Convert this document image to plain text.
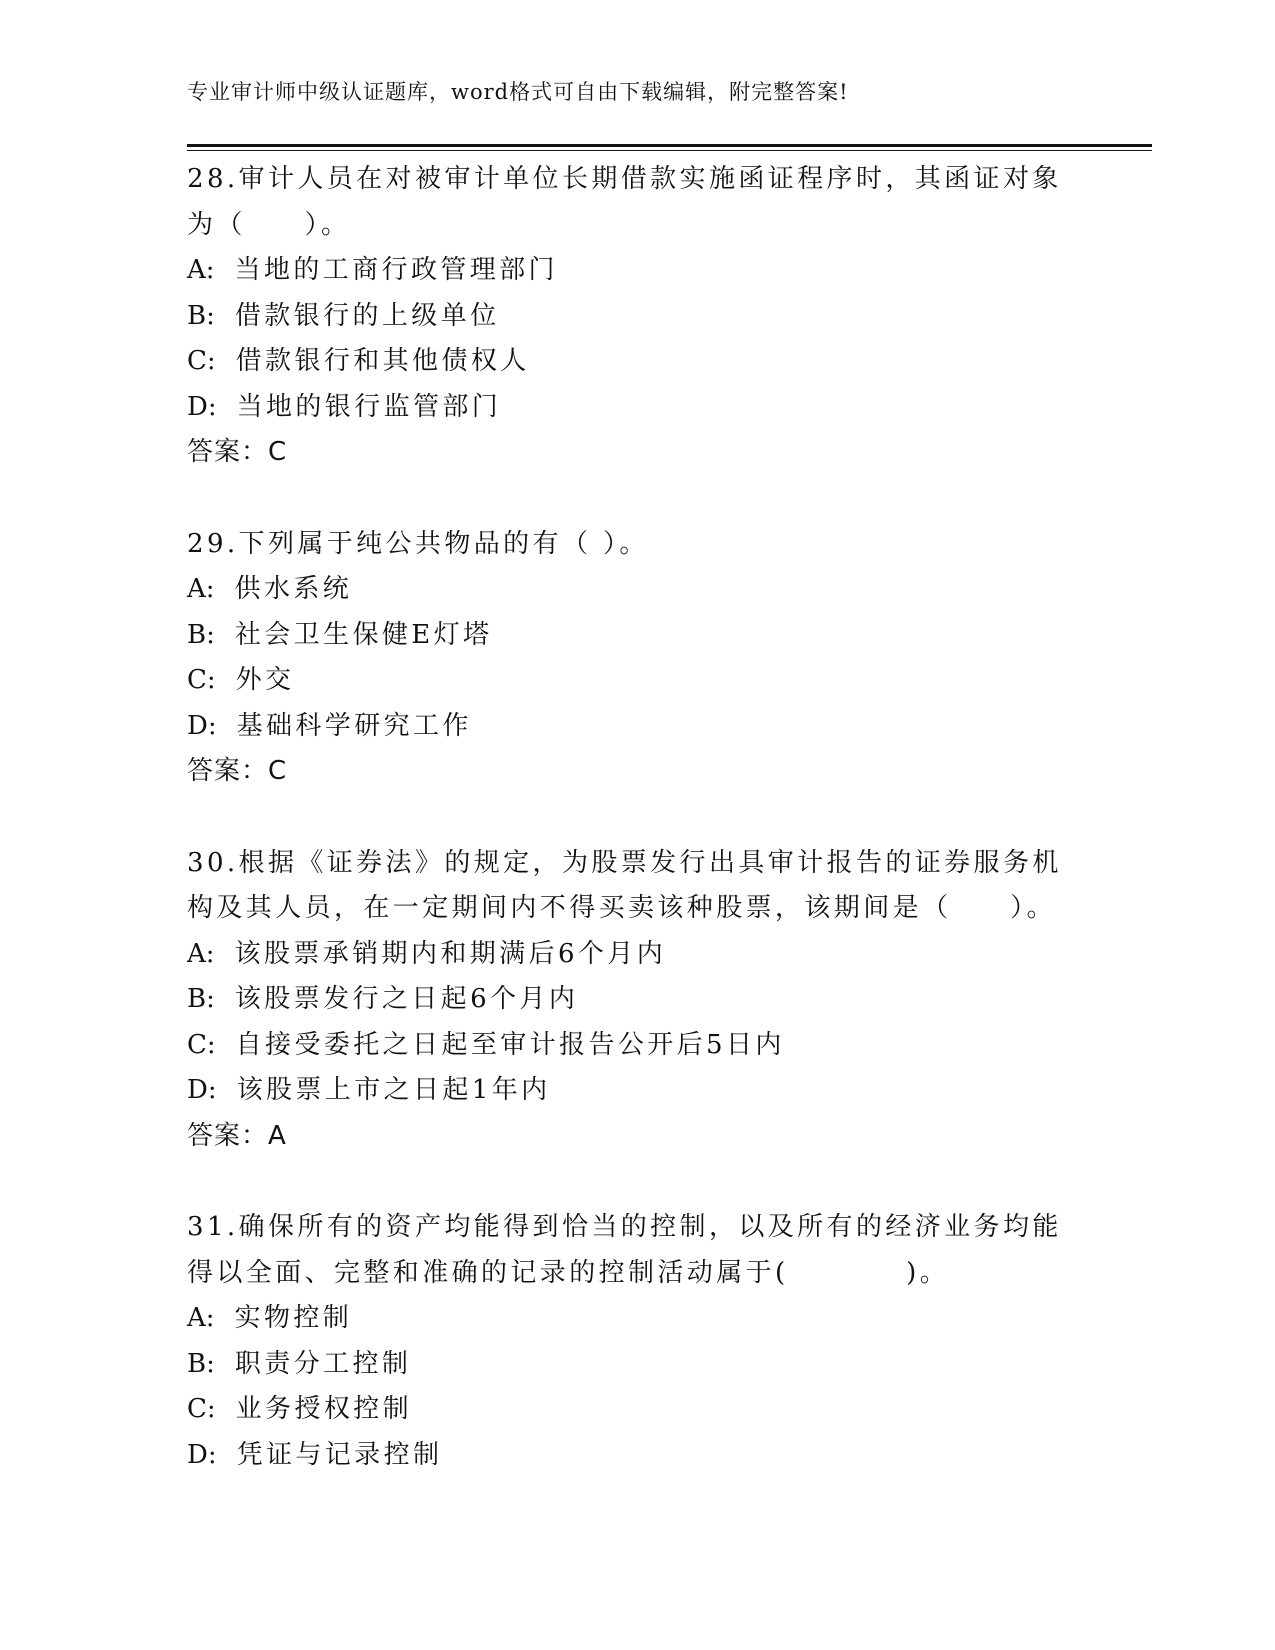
专业审计师中级认证题库，word格式可自由下载编辑，附完整答案!

28.审计人员在对被审计单位长期借款实施函证程序时，其函证对象为（　　）。

A: 当地的工商行政管理部门

B: 借款银行的上级单位

C: 借款银行和其他债权人

D: 当地的银行监管部门

答案：C

29.下列属于纯公共物品的有（ ）。

A: 供水系统

B: 社会卫生保健E灯塔

C: 外交

D: 基础科学研究工作

答案：C

30.根据《证券法》的规定，为股票发行出具审计报告的证券服务机构及其人员，在一定期间内不得买卖该种股票，该期间是（　　）。

A: 该股票承销期内和期满后6个月内

B: 该股票发行之日起6个月内

C: 自接受委托之日起至审计报告公开后5日内

D: 该股票上市之日起1年内

答案：A

31.确保所有的资产均能得到恰当的控制，以及所有的经济业务均能得以全面、完整和准确的记录的控制活动属于(　　　　)。

A: 实物控制

B: 职责分工控制

C: 业务授权控制

D: 凭证与记录控制
